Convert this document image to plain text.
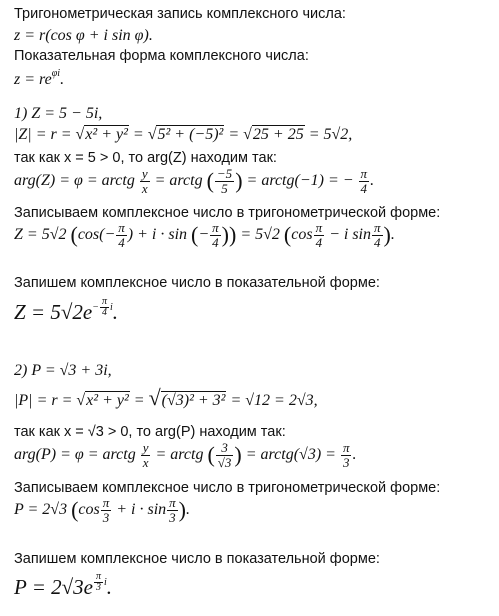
Тригонометрическая запись комплексного числа:
z = r(cos φ + i sin φ).
Показательная форма комплексного числа:
z = reφi.
1) Z = 5 − 5i,
|Z| = r = √x² + y² = √5² + (−5)² = √25 + 25 = 5√2,
так как x = 5 > 0, то arg(Z) находим так:
arg(Z) = φ = arctg $\frac{y}{x}$ = arctg ( $\frac{-5}{5}$ ) = arctg(−1) = − $\frac{\pi}{4}$ .
Записываем комплексное число в тригонометрической форме:
Z = 5√2 ($\cos(- \frac{\pi}{4}$ ) + i · sin (− $\frac{\pi}{4}$ )) = 5√2 ($\cos \frac{\pi}{4} - i$ $\sin \frac{\pi}{4}$ ).
Запишем комплексное число в показательной форме:
$Z = 5√2e- \frac{\pi}{4} i$.
2) P = √3 + 3i,
|P| = r = √x² + y² = √(√3)² + 3² = √12 = 2√3,
так как x = √3 > 0, то arg(P) находим так:
arg(P) = φ = arctg $\frac{y}{x}$ = arctg ( $\frac{3}{√3}$ ) = arctg(√3) = $\frac{\pi}{3}$ .
Записываем комплексное число в тригонометрической форме:
P = 2√3 ($\cos \frac{\pi}{3} + i \cdot \sin \frac{\pi}{3}$ ).
Запишем комплексное число в показательной форме:
$P = 2√3e \frac{\pi}{3} i$.
